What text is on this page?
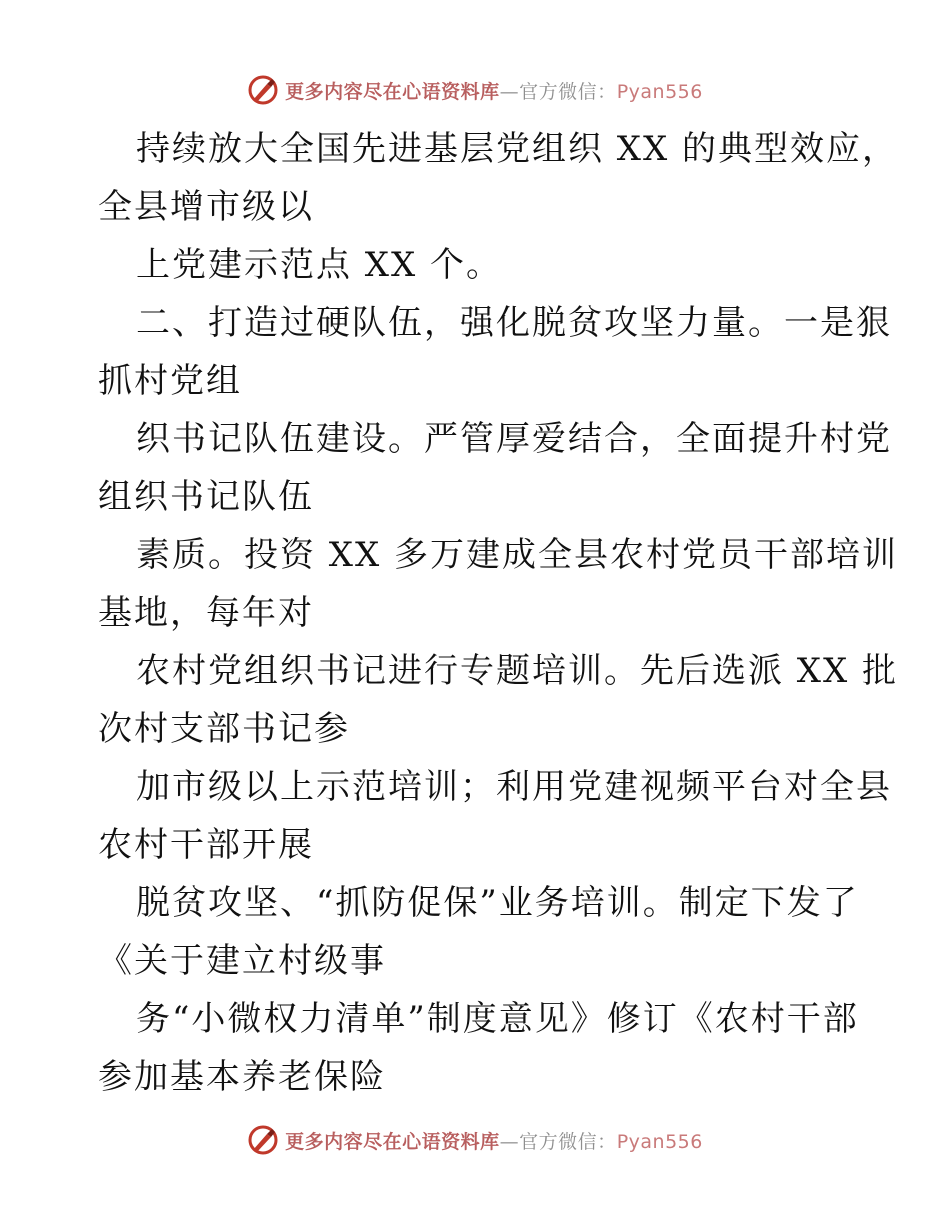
更多内容尽在心语资料库—官方微信：Pyan556
持续放大全国先进基层党组织 XX 的典型效应，
全县增市级以
上党建示范点 XX 个。
二、打造过硬队伍，强化脱贫攻坚力量。一是狠
抓村党组
织书记队伍建设。严管厚爱结合，全面提升村党
组织书记队伍
素质。投资 XX 多万建成全县农村党员干部培训
基地，每年对
农村党组织书记进行专题培训。先后选派 XX 批
次村支部书记参
加市级以上示范培训；利用党建视频平台对全县
农村干部开展
脱贫攻坚、“抓防促保”业务培训。制定下发了
《关于建立村级事
务“小微权力清单”制度意见》修订《农村干部
参加基本养老保险
更多内容尽在心语资料库—官方微信：Pyan556
